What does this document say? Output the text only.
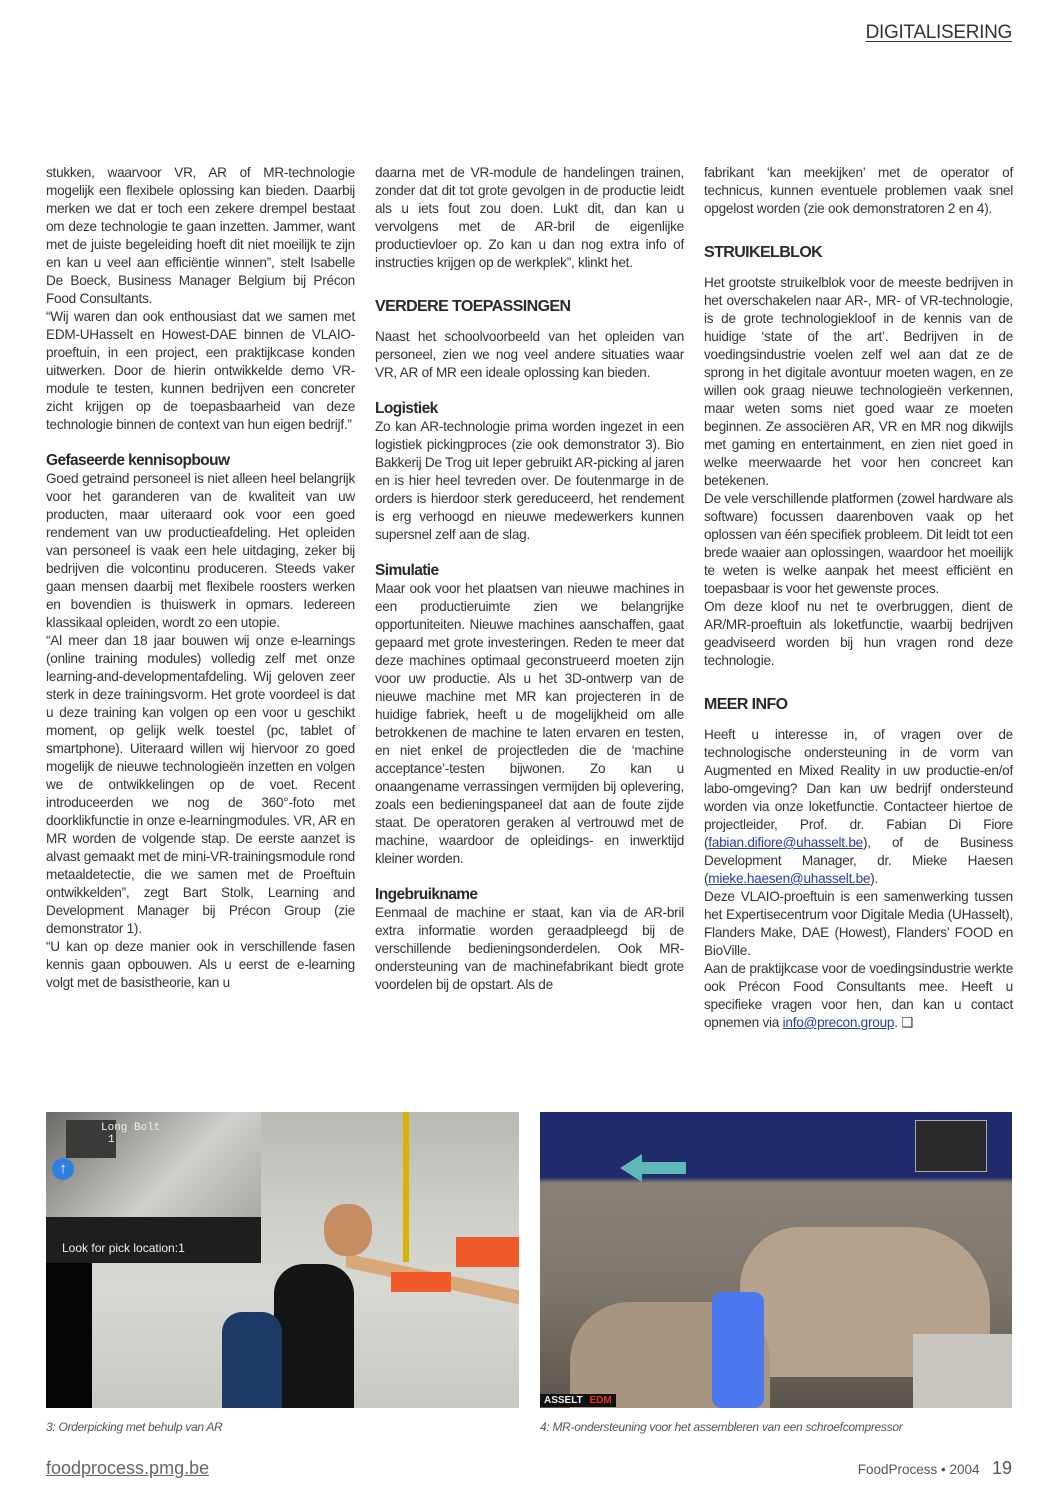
DIGITALISERING

stukken, waarvoor VR, AR of MR-technologie mogelijk een flexibele oplossing kan bieden. Daarbij merken we dat er toch een zekere drempel bestaat om deze technologie te gaan inzetten. Jammer, want met de juiste begeleiding hoeft dit niet moeilijk te zijn en kan u veel aan efficiëntie winnen”, stelt Isabelle De Boeck, Business Manager Belgium bij Précon Food Consultants.

“Wij waren dan ook enthousiast dat we samen met EDM-UHasselt en Howest-DAE binnen de VLAIO-proeftuin, in een project, een praktijkcase konden uitwerken. Door de hierin ontwikkelde demo VR-module te testen, kunnen bedrijven een concreter zicht krijgen op de toepasbaarheid van deze technologie binnen de context van hun eigen bedrijf.”

Gefaseerde kennisopbouw

Goed getraind personeel is niet alleen heel belangrijk voor het garanderen van de kwaliteit van uw producten, maar uiteraard ook voor een goed rendement van uw productieafdeling. Het opleiden van personeel is vaak een hele uitdaging, zeker bij bedrijven die volcontinu produceren. Steeds vaker gaan mensen daarbij met flexibele roosters werken en bovendien is thuiswerk in opmars. Iedereen klassikaal opleiden, wordt zo een utopie.

“Al meer dan 18 jaar bouwen wij onze e-learnings (online training modules) volledig zelf met onze learning-and-developmentafdeling. Wij geloven zeer sterk in deze trainingsvorm. Het grote voordeel is dat u deze training kan volgen op een voor u geschikt moment, op gelijk welk toestel (pc, tablet of smartphone). Uiteraard willen wij hiervoor zo goed mogelijk de nieuwe technologieën inzetten en volgen we de ontwikkelingen op de voet. Recent introduceerden we nog de 360°-foto met doorklikfunctie in onze e-learningmodules. VR, AR en MR worden de volgende stap. De eerste aanzet is alvast gemaakt met de mini-VR-trainingsmodule rond metaaldetectie, die we samen met de Proeftuin ontwikkelden”, zegt Bart Stolk, Learning and Development Manager bij Précon Group (zie demonstrator 1).

“U kan op deze manier ook in verschillende fasen kennis gaan opbouwen. Als u eerst de e-learning volgt met de basistheorie, kan u

daarna met de VR-module de handelingen trainen, zonder dat dit tot grote gevolgen in de productie leidt als u iets fout zou doen. Lukt dit, dan kan u vervolgens met de AR-bril de eigenlijke productievloer op. Zo kan u dan nog extra info of instructies krijgen op de werkplek”, klinkt het.

VERDERE TOEPASSINGEN

Naast het schoolvoorbeeld van het opleiden van personeel, zien we nog veel andere situaties waar VR, AR of MR een ideale oplossing kan bieden.

Logistiek

Zo kan AR-technologie prima worden ingezet in een logistiek pickingproces (zie ook demonstrator 3). Bio Bakkerij De Trog uit Ieper gebruikt AR-picking al jaren en is hier heel tevreden over. De foutenmarge in de orders is hierdoor sterk gereduceerd, het rendement is erg verhoogd en nieuwe medewerkers kunnen supersnel zelf aan de slag.

Simulatie

Maar ook voor het plaatsen van nieuwe machines in een productieruimte zien we belangrijke opportuniteiten. Nieuwe machines aanschaffen, gaat gepaard met grote investeringen. Reden te meer dat deze machines optimaal geconstrueerd moeten zijn voor uw productie. Als u het 3D-ontwerp van de nieuwe machine met MR kan projecteren in de huidige fabriek, heeft u de mogelijkheid om alle betrokkenen de machine te laten ervaren en testen, en niet enkel de projectleden die de ‘machine acceptance’-testen bijwonen. Zo kan u onaangename verrassingen vermijden bij oplevering, zoals een bedieningspaneel dat aan de foute zijde staat. De operatoren geraken al vertrouwd met de machine, waardoor de opleidings- en inwerktijd kleiner worden.

Ingebruikname

Eenmaal de machine er staat, kan via de AR-bril extra informatie worden geraadpleegd bij de verschillende bedieningsonderdelen. Ook MR-ondersteuning van de machinefabrikant biedt grote voordelen bij de opstart. Als de

fabrikant ‘kan meekijken’ met de operator of technicus, kunnen eventuele problemen vaak snel opgelost worden (zie ook demonstratoren 2 en 4).

STRUIKELBLOK

Het grootste struikelblok voor de meeste bedrijven in het overschakelen naar AR-, MR- of VR-technologie, is de grote technologiekloof in de kennis van de huidige ‘state of the art’. Bedrijven in de voedingsindustrie voelen zelf wel aan dat ze de sprong in het digitale avontuur moeten wagen, en ze willen ook graag nieuwe technologieën verkennen, maar weten soms niet goed waar ze moeten beginnen. Ze associëren AR, VR en MR nog dikwijls met gaming en entertainment, en zien niet goed in welke meerwaarde het voor hen concreet kan betekenen.

De vele verschillende platformen (zowel hardware als software) focussen daarenboven vaak op het oplossen van één specifiek probleem. Dit leidt tot een brede waaier aan oplossingen, waardoor het moeilijk te weten is welke aanpak het meest efficiënt en toepasbaar is voor het gewenste proces.

Om deze kloof nu net te overbruggen, dient de AR/MR-proeftuin als loketfunctie, waarbij bedrijven geadviseerd worden bij hun vragen rond deze technologie.

MEER INFO

Heeft u interesse in, of vragen over de technologische ondersteuning in de vorm van Augmented en Mixed Reality in uw productie-en/of labo-omgeving? Dan kan uw bedrijf ondersteund worden via onze loketfunctie. Contacteer hiertoe de projectleider, Prof. dr. Fabian Di Fiore (fabian.difiore@uhasselt.be), of de Business Development Manager, dr. Mieke Haesen (mieke.haesen@uhasselt.be).

Deze VLAIO-proeftuin is een samenwerking tussen het Expertisecentrum voor Digitale Media (UHasselt), Flanders Make, DAE (Howest), Flanders’ FOOD en BioVille.

Aan de praktijkcase voor de voedingsindustrie werkte ook Précon Food Consultants mee. Heeft u specifieke vragen voor hen, dan kan u contact opnemen via info@precon.group. ❑

Long Bolt
1
↑
Look for pick location:1
ASSELT EDM
3: Orderpicking met behulp van AR	4: MR-ondersteuning voor het assembleren van een schroefcompressor
foodprocess.pmg.be	FoodProcess • 2004 19
